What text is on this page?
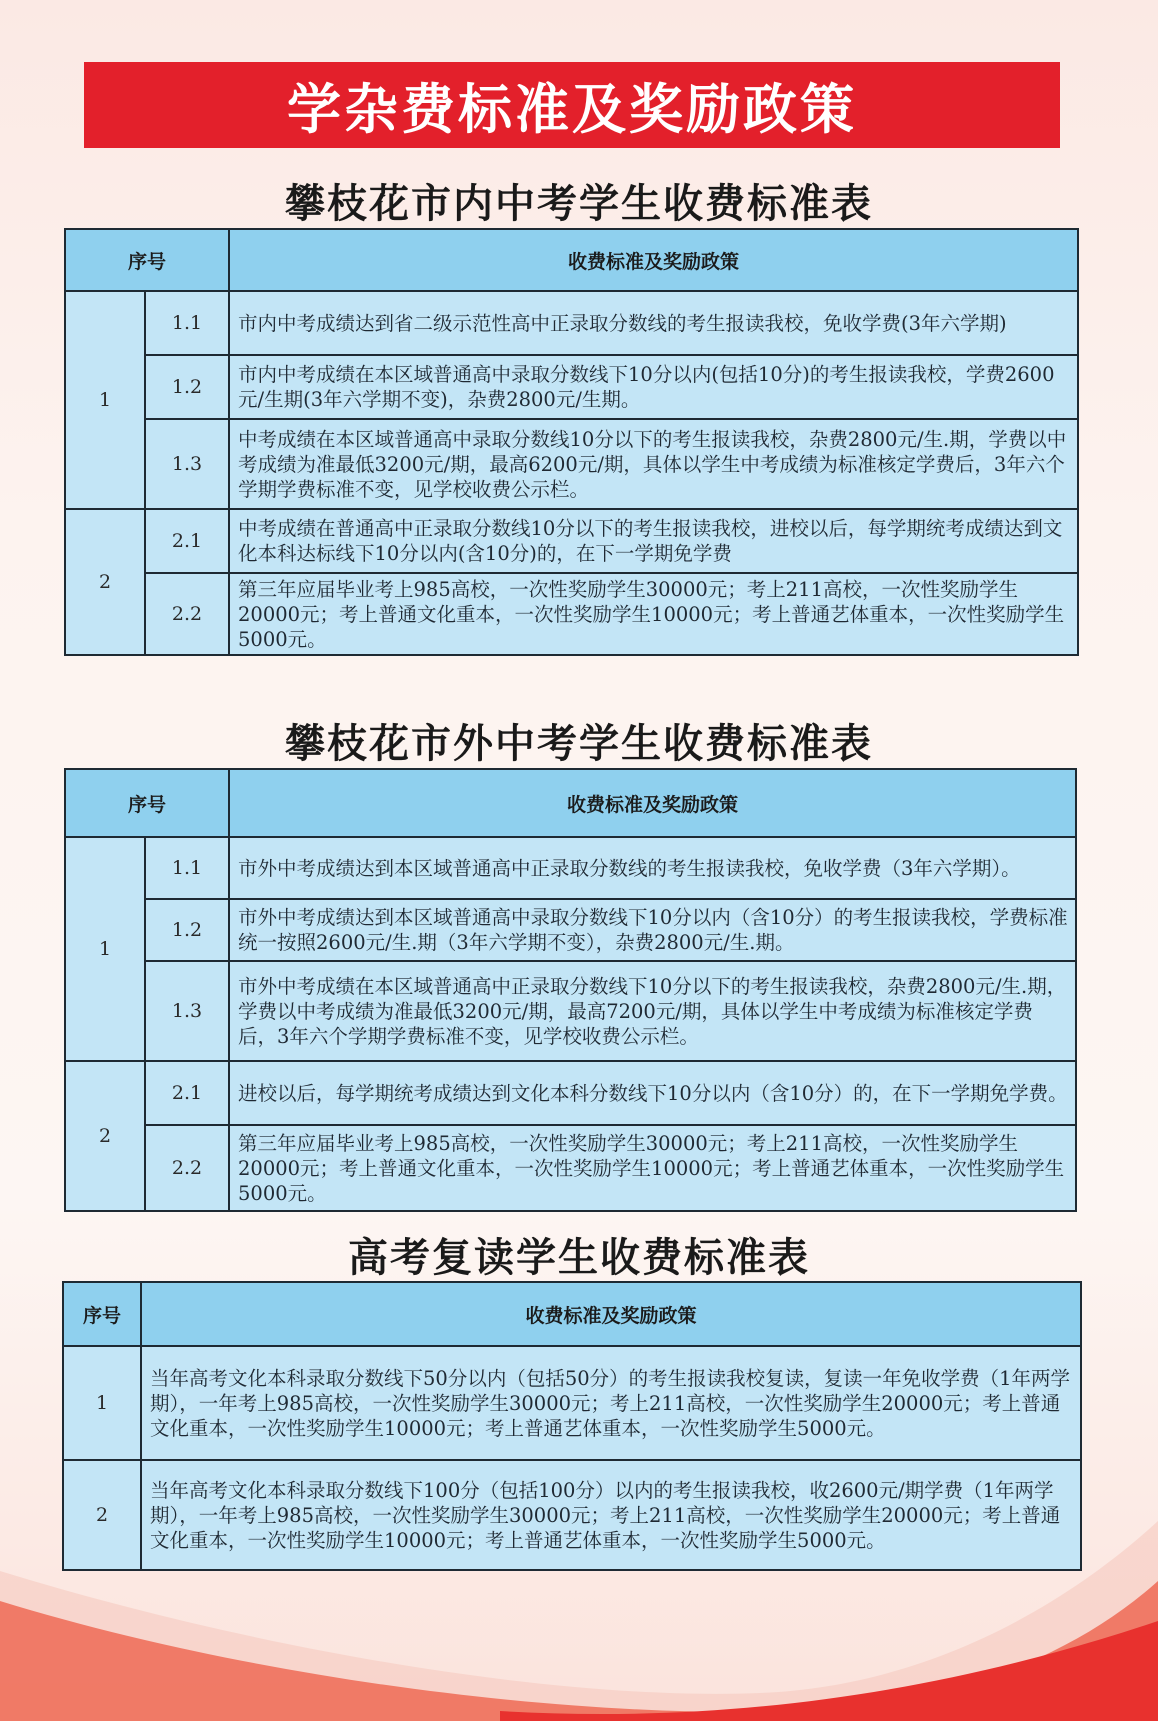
学杂费标准及奖励政策
攀枝花市内中考学生收费标准表
序号		收费标准及奖励政策
1	1.1	市内中考成绩达到省二级示范性高中正录取分数线的考生报读我校，免收学费(3年六学期)
	1.2	市内中考成绩在本区域普通高中录取分数线下10分以内(包括10分)的考生报读我校，学费2600元/生期(3年六学期不变)，杂费2800元/生期。
	1.3	中考成绩在本区域普通高中录取分数线10分以下的考生报读我校，杂费2800元/生.期，学费以中考成绩为准最低3200元/期，最高6200元/期，具体以学生中考成绩为标准核定学费后，3年六个学期学费标准不变，见学校收费公示栏。
2	2.1	中考成绩在普通高中正录取分数线10分以下的考生报读我校，进校以后，每学期统考成绩达到文化本科达标线下10分以内(含10分)的，在下一学期免学费
	2.2	第三年应届毕业考上985高校，一次性奖励学生30000元；考上211高校，一次性奖励学生20000元；考上普通文化重本，一次性奖励学生10000元；考上普通艺体重本，一次性奖励学生5000元。
攀枝花市外中考学生收费标准表
序号		收费标准及奖励政策
1	1.1	市外中考成绩达到本区域普通高中正录取分数线的考生报读我校，免收学费（3年六学期）。
	1.2	市外中考成绩达到本区域普通高中录取分数线下10分以内（含10分）的考生报读我校，学费标准统一按照2600元/生.期（3年六学期不变），杂费2800元/生.期。
	1.3	市外中考成绩在本区域普通高中正录取分数线下10分以下的考生报读我校，杂费2800元/生.期，学费以中考成绩为准最低3200元/期，最高7200元/期，具体以学生中考成绩为标准核定学费后，3年六个学期学费标准不变，见学校收费公示栏。
2	2.1	进校以后，每学期统考成绩达到文化本科分数线下10分以内（含10分）的，在下一学期免学费。
	2.2	第三年应届毕业考上985高校，一次性奖励学生30000元；考上211高校，一次性奖励学生20000元；考上普通文化重本，一次性奖励学生10000元；考上普通艺体重本，一次性奖励学生5000元。
高考复读学生收费标准表
序号	收费标准及奖励政策
1	当年高考文化本科录取分数线下50分以内（包括50分）的考生报读我校复读，复读一年免收学费（1年两学期），一年考上985高校，一次性奖励学生30000元；考上211高校，一次性奖励学生20000元；考上普通文化重本，一次性奖励学生10000元；考上普通艺体重本，一次性奖励学生5000元。
2	当年高考文化本科录取分数线下100分（包括100分）以内的考生报读我校，收2600元/期学费（1年两学期），一年考上985高校，一次性奖励学生30000元；考上211高校，一次性奖励学生20000元；考上普通文化重本，一次性奖励学生10000元；考上普通艺体重本，一次性奖励学生5000元。
